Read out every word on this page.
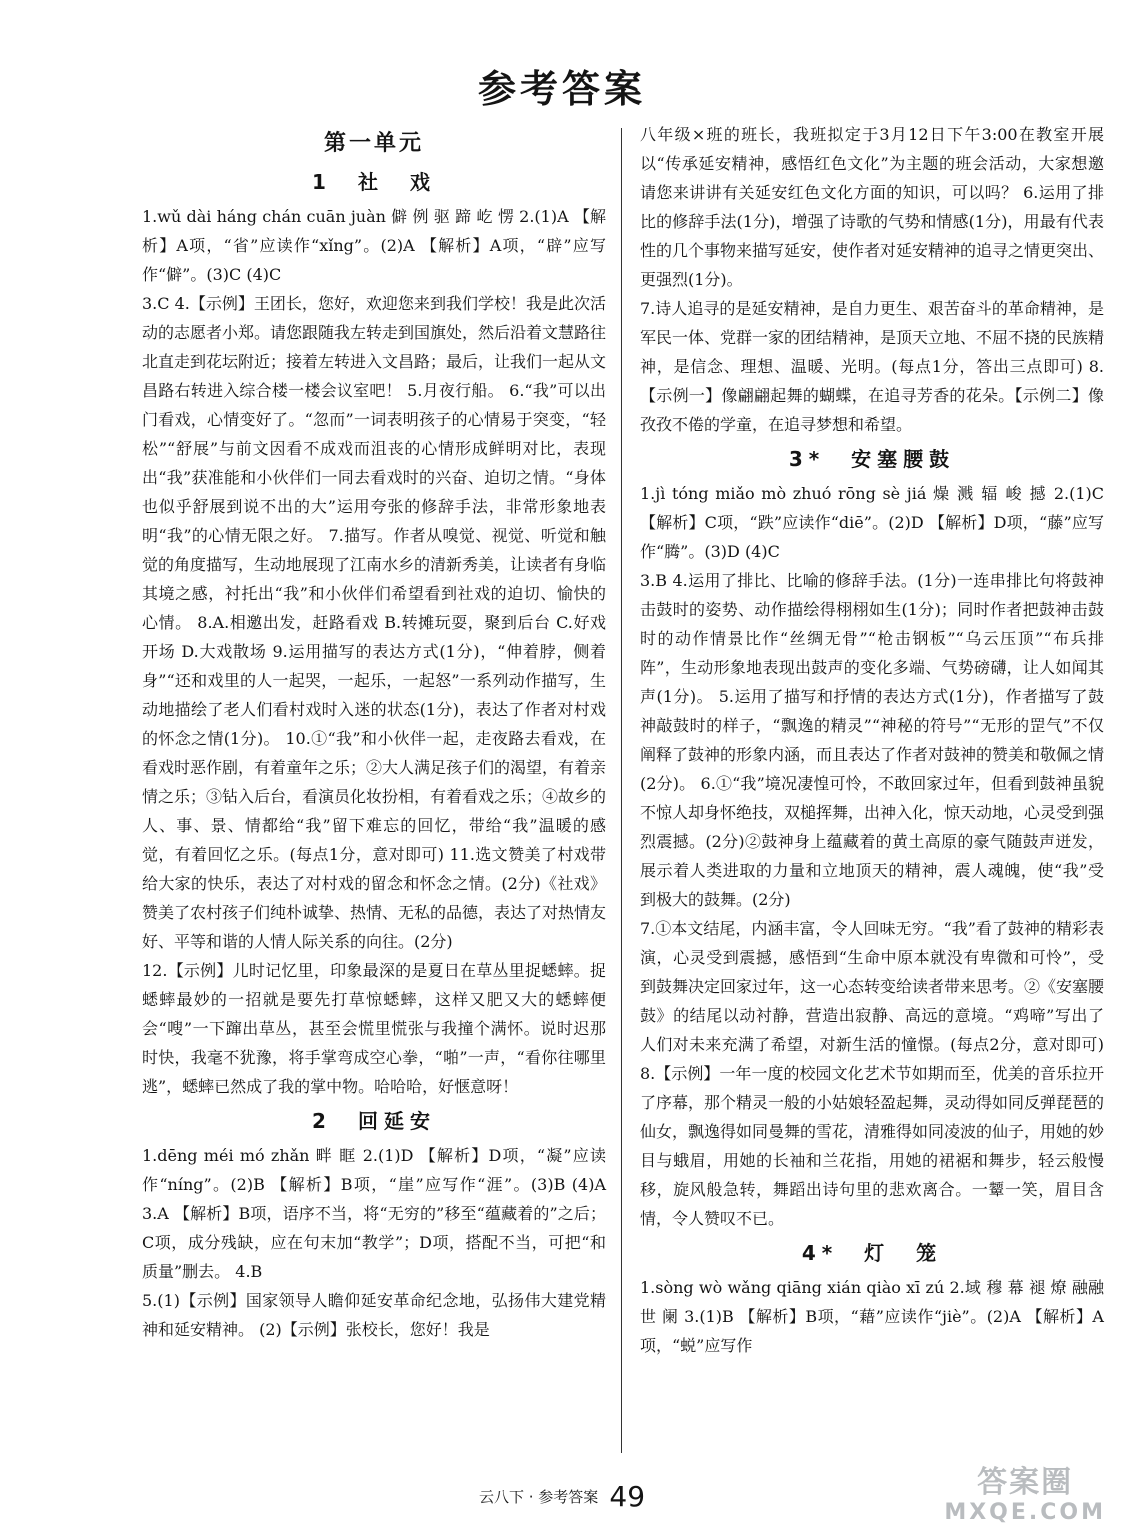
参考答案
第一单元
1　社　戏

1.wǔ dài háng chán cuān juàn 僻 例 驱 蹄 屹 愣 2.(1)A 【解析】A项，“省”应读作“xǐng”。(2)A 【解析】A项，“辟”应写作“僻”。(3)C (4)C

3.C 4.【示例】王团长，您好，欢迎您来到我们学校！我是此次活动的志愿者小郑。请您跟随我左转走到国旗处，然后沿着文慧路往北直走到花坛附近；接着左转进入文昌路；最后，让我们一起从文昌路右转进入综合楼一楼会议室吧！ 5.月夜行船。 6.“我”可以出门看戏，心情变好了。“忽而”一词表明孩子的心情易于突变，“轻松”“舒展”与前文因看不成戏而沮丧的心情形成鲜明对比，表现出“我”获准能和小伙伴们一同去看戏时的兴奋、迫切之情。“身体也似乎舒展到说不出的大”运用夸张的修辞手法，非常形象地表明“我”的心情无限之好。 7.描写。作者从嗅觉、视觉、听觉和触觉的角度描写，生动地展现了江南水乡的清新秀美，让读者有身临其境之感，衬托出“我”和小伙伴们希望看到社戏的迫切、愉快的心情。 8.A.相邀出发，赶路看戏 B.转摊玩耍，聚到后台 C.好戏开场 D.大戏散场 9.运用描写的表达方式(1分)，“伸着脖，侧着身”“还和戏里的人一起哭，一起乐，一起怒”一系列动作描写，生动地描绘了老人们看村戏时入迷的状态(1分)，表达了作者对村戏的怀念之情(1分)。 10.①“我”和小伙伴一起，走夜路去看戏，在看戏时恶作剧，有着童年之乐；②大人满足孩子们的渴望，有着亲情之乐；③钻入后台，看演员化妆扮相，有着看戏之乐；④故乡的人、事、景、情都给“我”留下难忘的回忆，带给“我”温暖的感觉，有着回忆之乐。(每点1分，意对即可) 11.选文赞美了村戏带给大家的快乐，表达了对村戏的留念和怀念之情。(2分)《社戏》赞美了农村孩子们纯朴诚挚、热情、无私的品德，表达了对热情友好、平等和谐的人情人际关系的向往。(2分)

12.【示例】儿时记忆里，印象最深的是夏日在草丛里捉蟋蟀。捉蟋蟀最妙的一招就是要先打草惊蟋蟀，这样又肥又大的蟋蟀便会“嗖”一下蹿出草丛，甚至会慌里慌张与我撞个满怀。说时迟那时快，我毫不犹豫，将手掌弯成空心拳，“啪”一声，“看你往哪里逃”，蟋蟀已然成了我的掌中物。哈哈哈，好惬意呀！

2　回延安

1.dēng méi mó zhǎn 畔 眶 2.(1)D 【解析】D项，“凝”应读作“níng”。(2)B 【解析】B项，“崖”应写作“涯”。(3)B (4)A 3.A 【解析】B项，语序不当，将“无穷的”移至“蕴藏着的”之后；C项，成分残缺，应在句末加“教学”；D项，搭配不当，可把“和质量”删去。 4.B

5.(1)【示例】国家领导人瞻仰延安革命纪念地，弘扬伟大建党精神和延安精神。 (2)【示例】张校长，您好！我是

八年级×班的班长，我班拟定于3月12日下午3:00在教室开展以“传承延安精神，感悟红色文化”为主题的班会活动，大家想邀请您来讲讲有关延安红色文化方面的知识，可以吗？ 6.运用了排比的修辞手法(1分)，增强了诗歌的气势和情感(1分)，用最有代表性的几个事物来描写延安，使作者对延安精神的追寻之情更突出、更强烈(1分)。

7.诗人追寻的是延安精神，是自力更生、艰苦奋斗的革命精神，是军民一体、党群一家的团结精神，是顶天立地、不屈不挠的民族精神，是信念、理想、温暖、光明。(每点1分，答出三点即可) 8.【示例一】像翩翩起舞的蝴蝶，在追寻芳香的花朵。【示例二】像孜孜不倦的学童，在追寻梦想和希望。

3*　安塞腰鼓

1.jì tóng miǎo mò zhuó rōng sè jiá 燥 溅 辐 峻 撼 2.(1)C 【解析】C项，“跌”应读作“diē”。(2)D 【解析】D项，“藤”应写作“腾”。(3)D (4)C

3.B 4.运用了排比、比喻的修辞手法。(1分)一连串排比句将鼓神击鼓时的姿势、动作描绘得栩栩如生(1分)；同时作者把鼓神击鼓时的动作情景比作“丝绸无骨”“枪击钢板”“乌云压顶”“布兵排阵”，生动形象地表现出鼓声的变化多端、气势磅礴，让人如闻其声(1分)。 5.运用了描写和抒情的表达方式(1分)，作者描写了鼓神敲鼓时的样子，“飘逸的精灵”“神秘的符号”“无形的罡气”不仅阐释了鼓神的形象内涵，而且表达了作者对鼓神的赞美和敬佩之情(2分)。 6.①“我”境况凄惶可怜，不敢回家过年，但看到鼓神虽貌不惊人却身怀绝技，双槌挥舞，出神入化，惊天动地，心灵受到强烈震撼。(2分)②鼓神身上蕴藏着的黄土高原的豪气随鼓声迸发，展示着人类进取的力量和立地顶天的精神，震人魂魄，使“我”受到极大的鼓舞。(2分)

7.①本文结尾，内涵丰富，令人回味无穷。“我”看了鼓神的精彩表演，心灵受到震撼，感悟到“生命中原本就没有卑微和可怜”，受到鼓舞决定回家过年，这一心态转变给读者带来思考。②《安塞腰鼓》的结尾以动衬静，营造出寂静、高远的意境。“鸡啼”写出了人们对未来充满了希望，对新生活的憧憬。(每点2分，意对即可) 8.【示例】一年一度的校园文化艺术节如期而至，优美的音乐拉开了序幕，那个精灵一般的小姑娘轻盈起舞，灵动得如同反弹琵琶的仙女，飘逸得如同曼舞的雪花，清雅得如同凌波的仙子，用她的妙目与蛾眉，用她的长袖和兰花指，用她的裙裾和舞步，轻云般慢移，旋风般急转，舞蹈出诗句里的悲欢离合。一颦一笑，眉目含情，令人赞叹不已。

4*　灯　笼

1.sòng wò wǎng qiāng xián qiào xī zú 2.域 穆 幕 褪 燎 融融 世 阑 3.(1)B 【解析】B项，“藉”应读作“jiè”。(2)A 【解析】A项，“蜕”应写作

云八下 · 参考答案 49	答案圈
MXQE.COM
